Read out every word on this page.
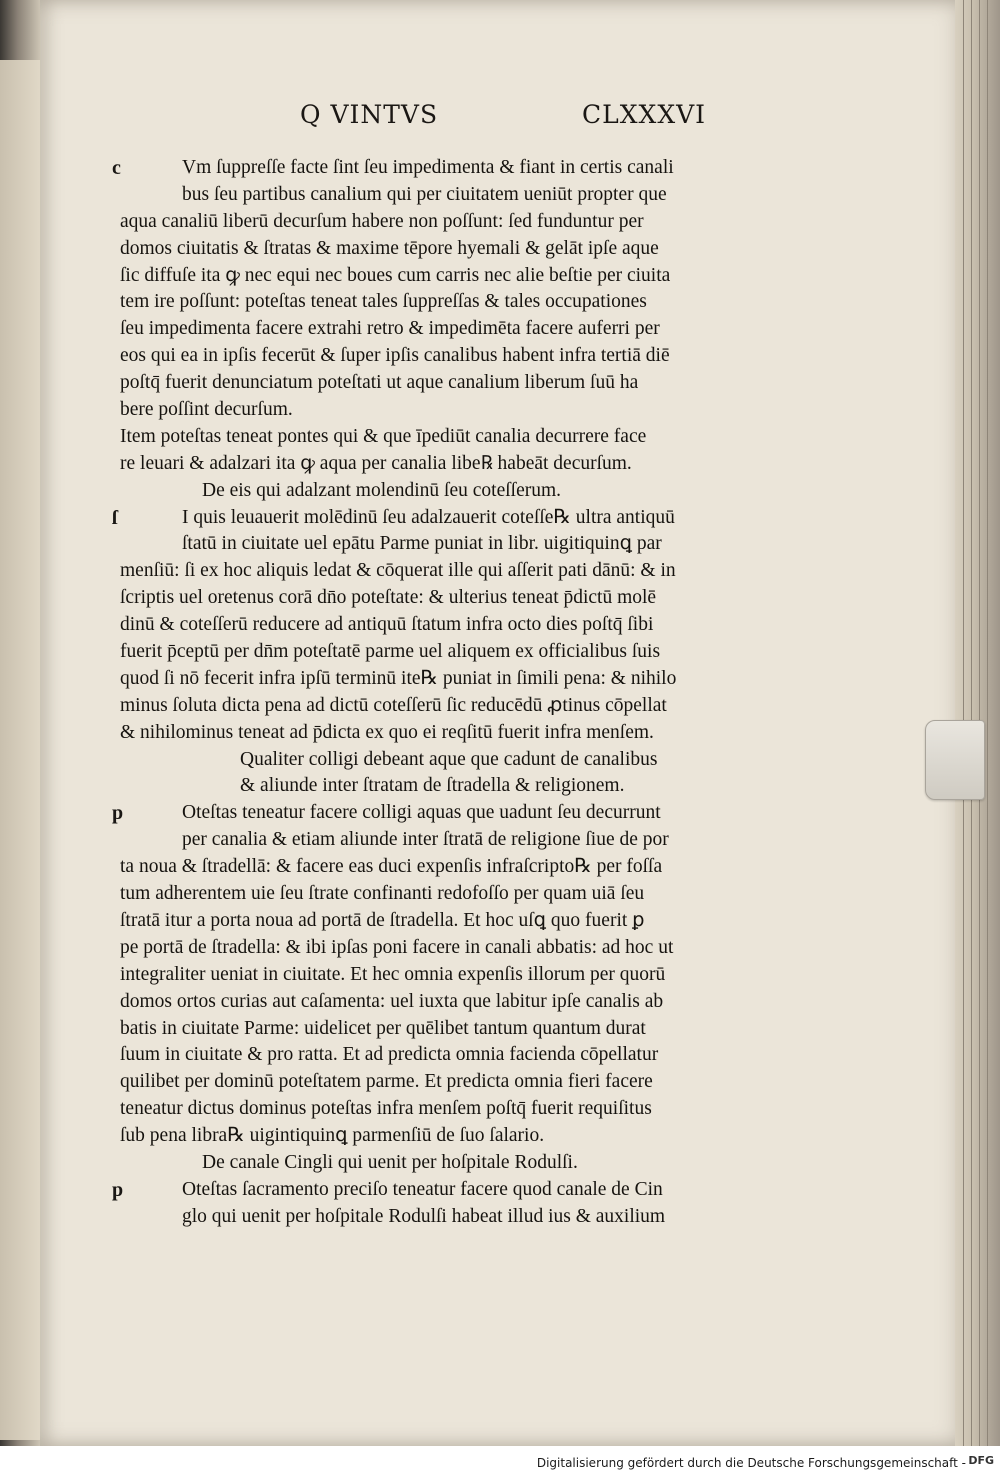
Q VINTVS	CLXXXVI
c	Vm ſuppreſſe facte ſint ſeu impedimenta & fiant in certis canali
bus ſeu partibus canalium qui per ciuitatem ueniūt propter que
aqua canaliū liberū decurſum habere non poſſunt: ſed funduntur per
domos ciuitatis & ſtratas & maxime tēpore hyemali & gelāt ipſe aque
ſic diffuſe ita ꝙ nec equi nec boues cum carris nec alie beſtie per ciuita
tem ire poſſunt: poteſtas teneat tales ſuppreſſas & tales occupationes
ſeu impedimenta facere extrahi retro & impedimēta facere auferri per
eos qui ea in ipſis fecerūt & ſuper ipſis canalibus habent infra tertiā diē
poſtq̄ fuerit denunciatum poteſtati ut aque canalium liberum ſuū ha
bere poſſint decurſum.
Item poteſtas teneat pontes qui & que īpediūt canalia decurrere face
re leuari & adalzari ita ꝙ aqua per canalia libe℞ habeāt decurſum.
De eis qui adalzant molendinū ſeu coteſſerum.
ſ	I quis leuauerit molēdinū ſeu adalzauerit coteſſe℞ ultra antiquū
ſtatū in ciuitate uel epātu Parme puniat in libr. uigitiquinꝗ par
menſiū: ſi ex hoc aliquis ledat & cōquerat ille qui aſſerit pati dānū: & in
ſcriptis uel oretenus corā dn̄o poteſtate: & ulterius teneat p̄dictū molē
dinū & coteſſerū reducere ad antiquū ſtatum infra octo dies poſtq̄ ſibi
fuerit p̄ceptū per dn̄m poteſtatē parme uel aliquem ex officialibus ſuis
quod ſi nō fecerit infra ipſū terminū ite℞ puniat in ſimili pena: & nihilo
minus ſoluta dicta pena ad dictū coteſſerū ſic reducēdū ꝓtinus cōpellat
& nihilominus teneat ad p̄dicta ex quo ei reqſitū fuerit infra menſem.
Qualiter colligi debeant aque que cadunt de canalibus
& aliunde inter ſtratam de ſtradella & religionem.
p	Oteſtas teneatur facere colligi aquas que uadunt ſeu decurrunt
per canalia & etiam aliunde inter ſtratā de religione ſiue de por
ta noua & ſtradellā: & facere eas duci expenſis infraſcripto℞ per foſſa
tum adherentem uie ſeu ſtrate confinanti redofoſſo per quam uiā ſeu
ſtratā itur a porta noua ad portā de ſtradella. Et hoc uſꝗ quo fuerit ꝑ
pe portā de ſtradella: & ibi ipſas poni facere in canali abbatis: ad hoc ut
integraliter ueniat in ciuitate. Et hec omnia expenſis illorum per quorū
domos ortos curias aut caſamenta: uel iuxta que labitur ipſe canalis ab
batis in ciuitate Parme: uidelicet per quēlibet tantum quantum durat
ſuum in ciuitate & pro ratta. Et ad predicta omnia facienda cōpellatur
quilibet per dominū poteſtatem parme. Et predicta omnia fieri facere
teneatur dictus dominus poteſtas infra menſem poſtq̄ fuerit requiſitus
ſub pena libra℞ uigintiquinꝗ parmenſiū de ſuo ſalario.
De canale Cingli qui uenit per hoſpitale Rodulſi.
p	Oteſtas ſacramento preciſo teneatur facere quod canale de Cin
glo qui uenit per hoſpitale Rodulſi habeat illud ius & auxilium
Digitalisierung gefördert durch die Deutsche Forschungsgemeinschaft - DFG
